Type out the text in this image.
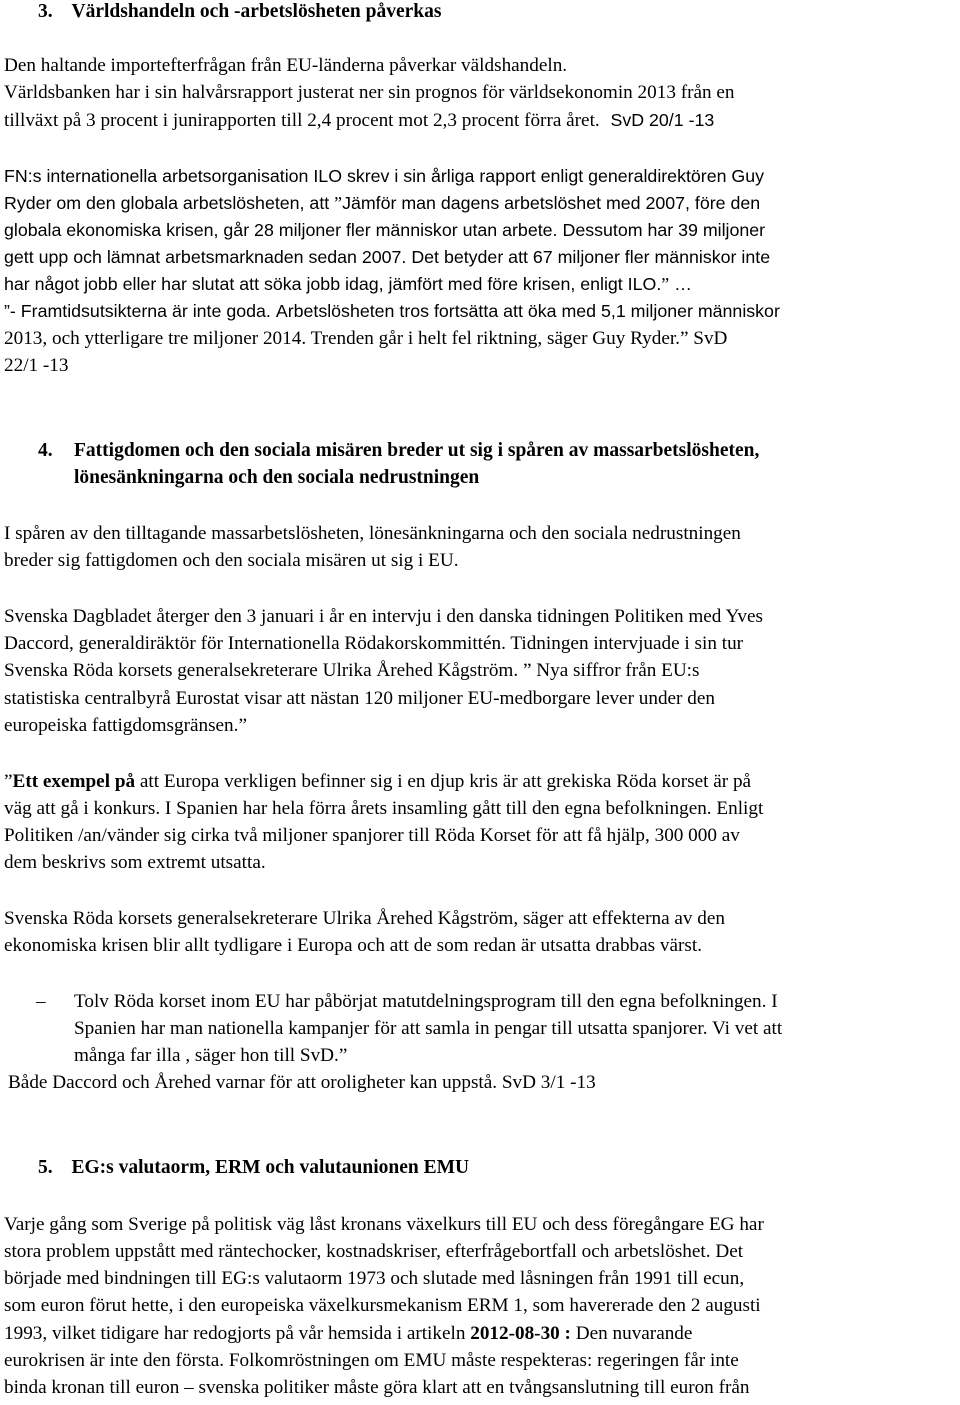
3. Världshandeln och -arbetslösheten påverkas
Den haltande importefterfrågan från EU-länderna påverkar väldshandeln.
Världsbanken har i sin halvårsrapport justerat ner sin prognos för världsekonomin 2013 från en
tillväxt på 3 procent i junirapporten till 2,4 procent mot 2,3 procent förra året. SvD 20/1 -13
FN:s internationella arbetsorganisation ILO skrev i sin årliga rapport enligt generaldirektören Guy
Ryder om den globala arbetslösheten, att ”Jämför man dagens arbetslöshet med 2007, före den
globala ekonomiska krisen, går 28 miljoner fler människor utan arbete. Dessutom har 39 miljoner
gett upp och lämnat arbetsmarknaden sedan 2007. Det betyder att 67 miljoner fler människor inte
har något jobb eller har slutat att söka jobb idag, jämfört med före krisen, enligt ILO.” …
”- Framtidsutsikterna är inte goda. Arbetslösheten tros fortsätta att öka med 5,1 miljoner människor
2013, och ytterligare tre miljoner 2014. Trenden går i helt fel riktning, säger Guy Ryder.” SvD
22/1 -13
4. Fattigdomen och den sociala misären breder ut sig i spåren av massarbetslösheten,
lönesänkningarna och den sociala nedrustningen
I spåren av den tilltagande massarbetslösheten, lönesänkningarna och den sociala nedrustningen
breder sig fattigdomen och den sociala misären ut sig i EU.
Svenska Dagbladet återger den 3 januari i år en intervju i den danska tidningen Politiken med Yves
Daccord, generaldiräktör för Internationella Rödakorskommittén. Tidningen intervjuade i sin tur
Svenska Röda korsets generalsekreterare Ulrika Årehed Kågström. ” Nya siffror från EU:s
statistiska centralbyrå Eurostat visar att nästan 120 miljoner EU-medborgare lever under den
europeiska fattigdomsgränsen.”
”Ett exempel på att Europa verkligen befinner sig i en djup kris är att grekiska Röda korset är på
väg att gå i konkurs. I Spanien har hela förra årets insamling gått till den egna befolkningen. Enligt
Politiken /an/vänder sig cirka två miljoner spanjorer till Röda Korset för att få hjälp, 300 000 av
dem beskrivs som extremt utsatta.
Svenska Röda korsets generalsekreterare Ulrika Årehed Kågström, säger att effekterna av den
ekonomiska krisen blir allt tydligare i Europa och att de som redan är utsatta drabbas värst.
– Tolv Röda korset inom EU har påbörjat matutdelningsprogram till den egna befolkningen. I
Spanien har man nationella kampanjer för att samla in pengar till utsatta spanjorer. Vi vet att
många far illa , säger hon till SvD.”
Både Daccord och Årehed varnar för att oroligheter kan uppstå. SvD 3/1 -13
5. EG:s valutaorm, ERM och valutaunionen EMU
Varje gång som Sverige på politisk väg låst kronans växelkurs till EU och dess föregångare EG har
stora problem uppstått med räntechocker, kostnadskriser, efterfrågebortfall och arbetslöshet. Det
började med bindningen till EG:s valutaorm 1973 och slutade med låsningen från 1991 till ecun,
som euron förut hette, i den europeiska växelkursmekanism ERM 1, som havererade den 2 augusti
1993, vilket tidigare har redogjorts på vår hemsida i artikeln 2012-08-30 : Den nuvarande
eurokrisen är inte den första. Folkomröstningen om EMU måste respekteras: regeringen får inte
binda kronan till euron – svenska politiker måste göra klart att en tvångsanslutning till euron från
